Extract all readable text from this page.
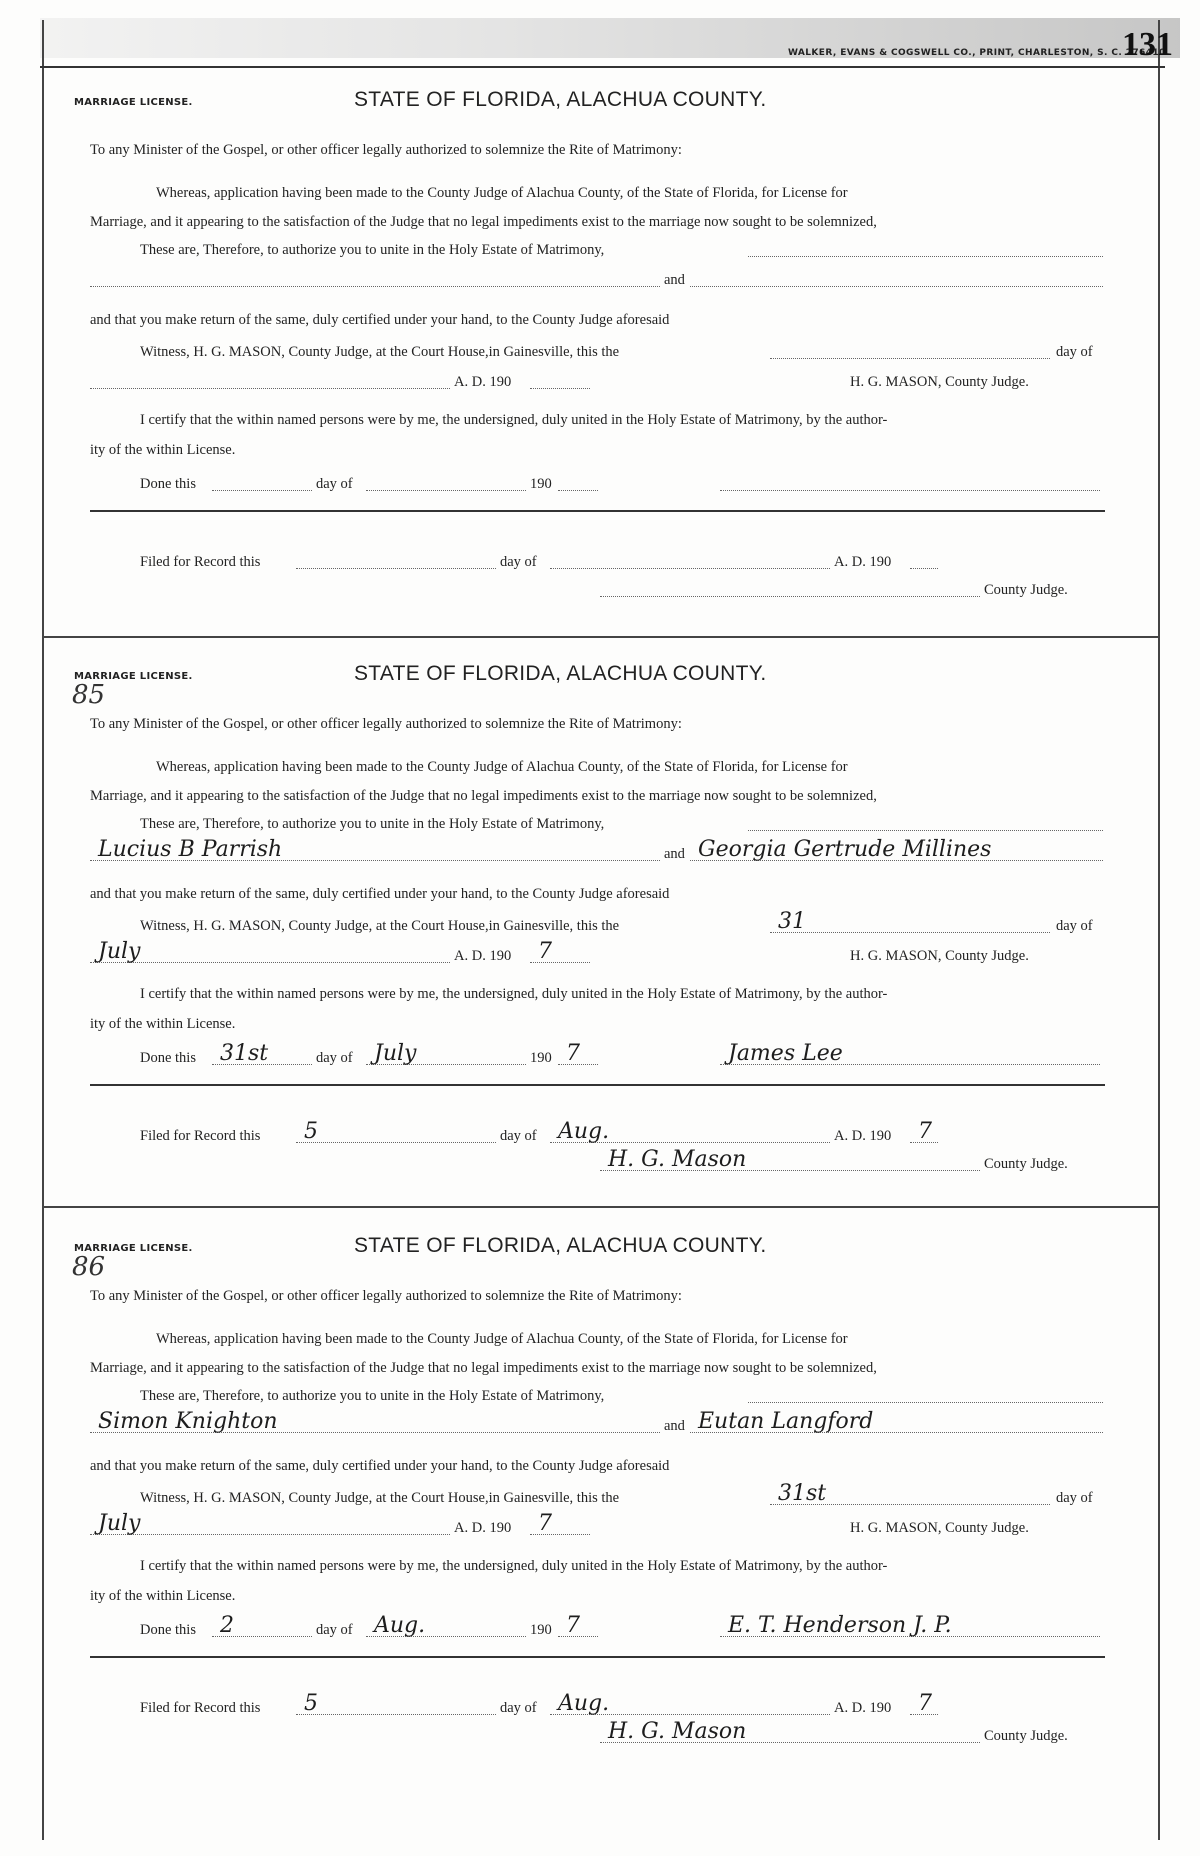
WALKER, EVANS & COGSWELL CO., PRINT, CHARLESTON, S. C. 276410
131
MARRIAGE LICENSE.	STATE OF FLORIDA, ALACHUA COUNTY.
To any Minister of the Gospel, or other officer legally authorized to solemnize the Rite of Matrimony:
Whereas, application having been made to the County Judge of Alachua County, of the State of Florida, for License for
Marriage, and it appearing to the satisfaction of the Judge that no legal impediments exist to the marriage now sought to be solemnized,
These are, Therefore, to authorize you to unite in the Holy Estate of Matrimony,
and
and that you make return of the same, duly certified under your hand, to the County Judge aforesaid
Witness, H. G. MASON, County Judge, at the Court House,in Gainesville, this the	day of
A. D. 190	H. G. MASON, County Judge.
I certify that the within named persons were by me, the undersigned, duly united in the Holy Estate of Matrimony, by the author-
ity of the within License.
Done this	day of	190
Filed for Record this	day of	A. D. 190
County Judge.
MARRIAGE LICENSE.	STATE OF FLORIDA, ALACHUA COUNTY.
85
To any Minister of the Gospel, or other officer legally authorized to solemnize the Rite of Matrimony:
Whereas, application having been made to the County Judge of Alachua County, of the State of Florida, for License for
Marriage, and it appearing to the satisfaction of the Judge that no legal impediments exist to the marriage now sought to be solemnized,
These are, Therefore, to authorize you to unite in the Holy Estate of Matrimony,
Lucius B Parrish	and Georgia Gertrude Millines
and that you make return of the same, duly certified under your hand, to the County Judge aforesaid
Witness, H. G. MASON, County Judge, at the Court House,in Gainesville, this the	31	day of
July	A. D. 190 7	H. G. MASON, County Judge.
I certify that the within named persons were by me, the undersigned, duly united in the Holy Estate of Matrimony, by the author-
ity of the within License.
Done this 31st	day of July	190 7	James Lee
Filed for Record this 5	day of Aug.	A. D. 190 7
H. G. Mason	County Judge.
MARRIAGE LICENSE.	STATE OF FLORIDA, ALACHUA COUNTY.
86
To any Minister of the Gospel, or other officer legally authorized to solemnize the Rite of Matrimony:
Whereas, application having been made to the County Judge of Alachua County, of the State of Florida, for License for
Marriage, and it appearing to the satisfaction of the Judge that no legal impediments exist to the marriage now sought to be solemnized,
These are, Therefore, to authorize you to unite in the Holy Estate of Matrimony,
Simon Knighton	and Eutan Langford
and that you make return of the same, duly certified under your hand, to the County Judge aforesaid
Witness, H. G. MASON, County Judge, at the Court House,in Gainesville, this the	31st	day of
July	A. D. 190 7	H. G. MASON, County Judge.
I certify that the within named persons were by me, the undersigned, duly united in the Holy Estate of Matrimony, by the author-
ity of the within License.
Done this 2	day of Aug.	190 7	E. T. Henderson J. P.
Filed for Record this 5	day of Aug.	A. D. 190 7
H. G. Mason	County Judge.
